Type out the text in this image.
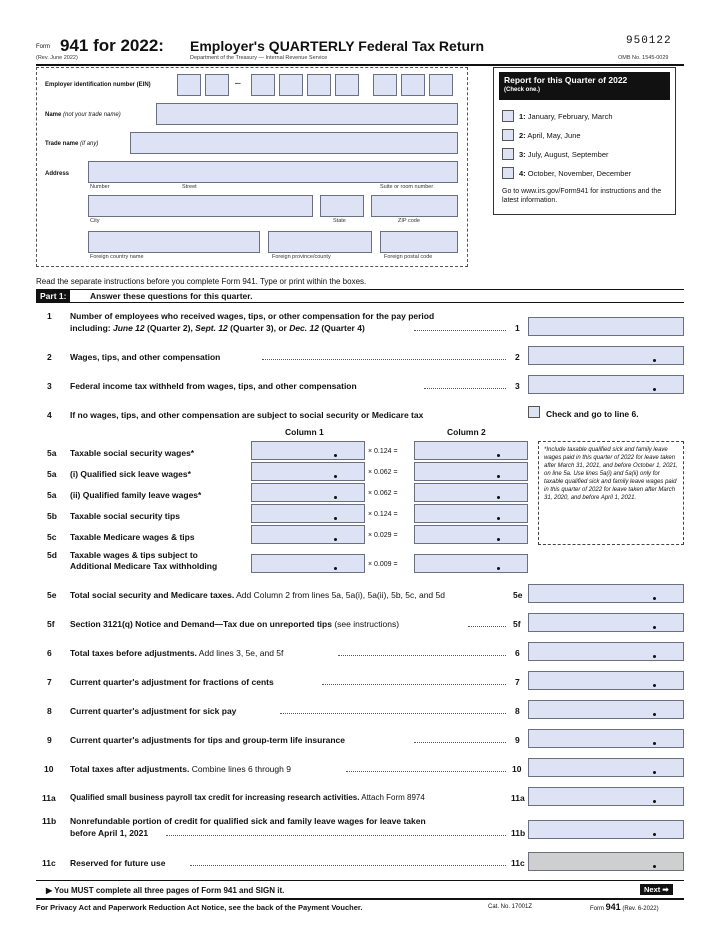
Form 941 for 2022:
(Rev. June 2022)
Employer's QUARTERLY Federal Tax Return
Department of the Treasury — Internal Revenue Service
950122
OMB No. 1545-0029
Employer identification number (EIN)	–
Name (not your trade name)
Trade name (if any)
Address
Number	Street	Suite or room number
City	State	ZIP code
Foreign country name	Foreign province/county	Foreign postal code
Report for this Quarter of 2022
(Check one.)
1: January, February, March
2: April, May, June
3: July, August, September
4: October, November, December
Go to www.irs.gov/Form941 for instructions and the latest information.
Read the separate instructions before you complete Form 941. Type or print within the boxes.
Part 1:	Answer these questions for this quarter.
1 Number of employees who received wages, tips, or other compensation for the pay period
including: June 12 (Quarter 2), Sept. 12 (Quarter 3), or Dec. 12 (Quarter 4)	1
2 Wages, tips, and other compensation	2
3 Federal income tax withheld from wages, tips, and other compensation	3
4 If no wages, tips, and other compensation are subject to social security or Medicare tax	Check and go to line 6.
Column 1	Column 2
5a Taxable social security wages*	× 0.124 =
5a (i) Qualified sick leave wages*	× 0.062 =
5a (ii) Qualified family leave wages*	× 0.062 =
5b Taxable social security tips	× 0.124 =
5c Taxable Medicare wages & tips	× 0.029 =
5d Taxable wages & tips subject to
Additional Medicare Tax withholding	× 0.009 =
*Include taxable qualified sick and family leave wages paid in this quarter of 2022 for leave taken after March 31, 2021, and before October 1, 2021, on line 5a. Use lines 5a(i) and 5a(ii) only for taxable qualified sick and family leave wages paid in this quarter of 2022 for leave taken after March 31, 2020, and before April 1, 2021.
5e Total social security and Medicare taxes. Add Column 2 from lines 5a, 5a(i), 5a(ii), 5b, 5c, and 5d	5e
5f Section 3121(q) Notice and Demand—Tax due on unreported tips (see instructions)	5f
6 Total taxes before adjustments. Add lines 3, 5e, and 5f	6
7 Current quarter's adjustment for fractions of cents	7
8 Current quarter's adjustment for sick pay	8
9 Current quarter's adjustments for tips and group-term life insurance	9
10 Total taxes after adjustments. Combine lines 6 through 9	10
11a Qualified small business payroll tax credit for increasing research activities. Attach Form 8974	11a
11b Nonrefundable portion of credit for qualified sick and family leave wages for leave taken
before April 1, 2021	11b
11c Reserved for future use	11c
▶ You MUST complete all three pages of Form 941 and SIGN it.	Next ➡
For Privacy Act and Paperwork Reduction Act Notice, see the back of the Payment Voucher.	Cat. No. 17001Z	Form 941 (Rev. 6-2022)
